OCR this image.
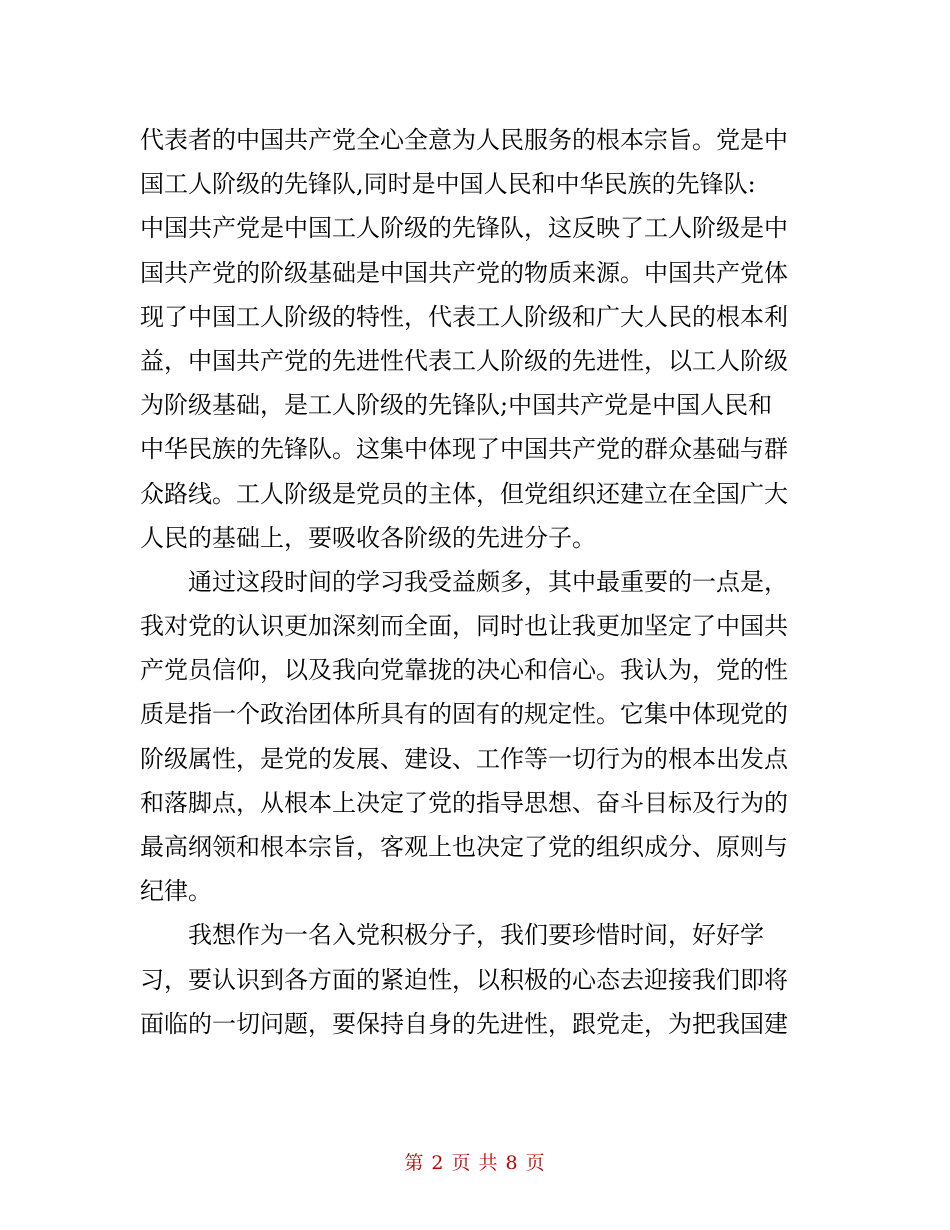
代表者的中国共产党全心全意为人民服务的根本宗旨。党是中
国工人阶级的先锋队,同时是中国人民和中华民族的先锋队:
中国共产党是中国工人阶级的先锋队，这反映了工人阶级是中
国共产党的阶级基础是中国共产党的物质来源。中国共产党体
现了中国工人阶级的特性，代表工人阶级和广大人民的根本利
益，中国共产党的先进性代表工人阶级的先进性，以工人阶级
为阶级基础，是工人阶级的先锋队;中国共产党是中国人民和
中华民族的先锋队。这集中体现了中国共产党的群众基础与群
众路线。工人阶级是党员的主体，但党组织还建立在全国广大
人民的基础上，要吸收各阶级的先进分子。
通过这段时间的学习我受益颇多，其中最重要的一点是，
我对党的认识更加深刻而全面，同时也让我更加坚定了中国共
产党员信仰，以及我向党靠拢的决心和信心。我认为，党的性
质是指一个政治团体所具有的固有的规定性。它集中体现党的
阶级属性，是党的发展、建设、工作等一切行为的根本出发点
和落脚点，从根本上决定了党的指导思想、奋斗目标及行为的
最高纲领和根本宗旨，客观上也决定了党的组织成分、原则与
纪律。
我想作为一名入党积极分子，我们要珍惜时间，好好学
习，要认识到各方面的紧迫性，以积极的心态去迎接我们即将
面临的一切问题，要保持自身的先进性，跟党走，为把我国建
第 2 页 共 8 页
